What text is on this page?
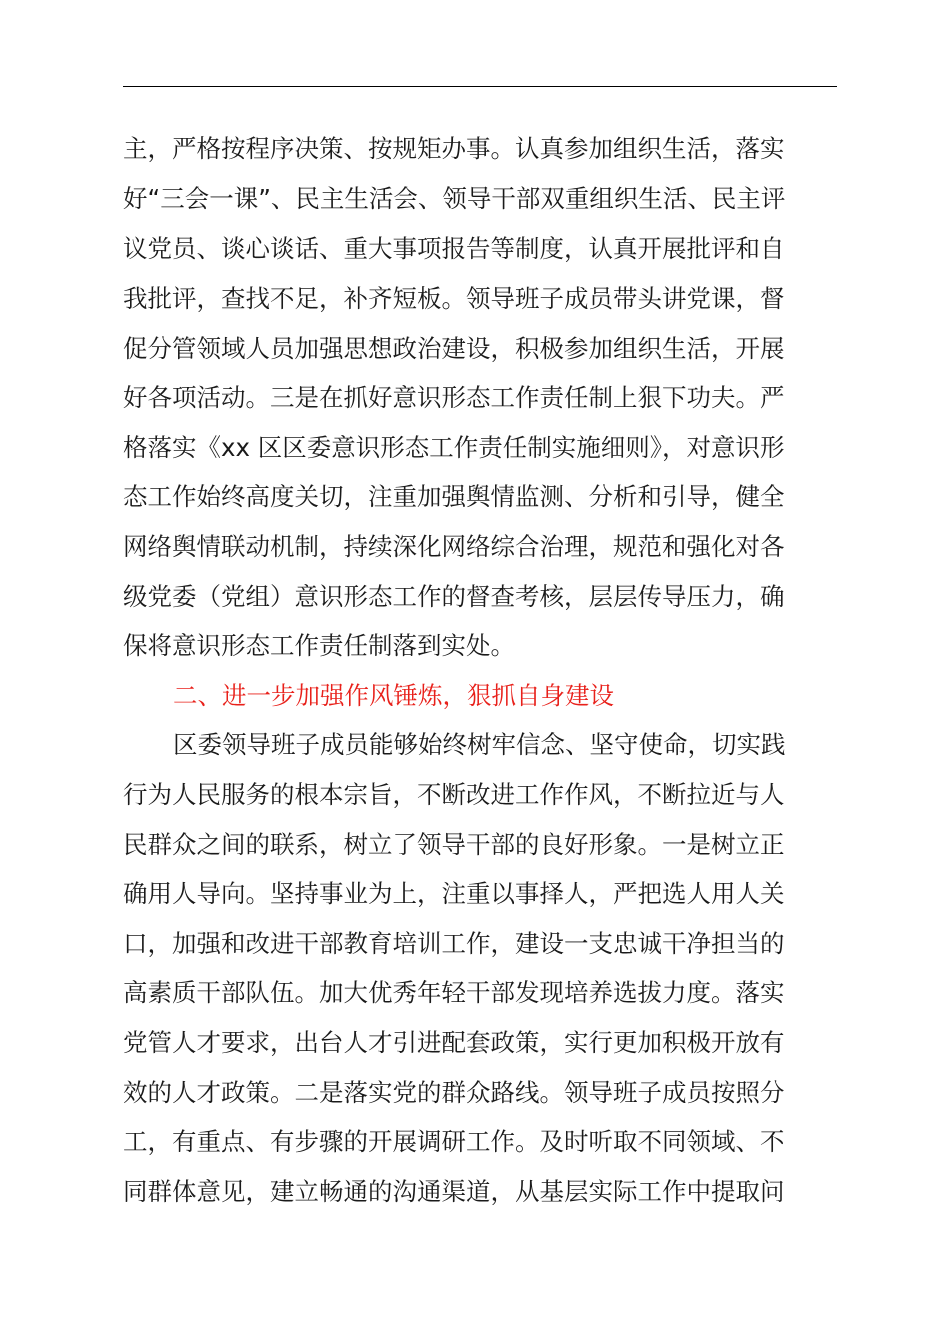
主，严格按程序决策、按规矩办事。认真参加组织生活，落实
好“三会一课”、民主生活会、领导干部双重组织生活、民主评
议党员、谈心谈话、重大事项报告等制度，认真开展批评和自
我批评，查找不足，补齐短板。领导班子成员带头讲党课，督
促分管领域人员加强思想政治建设，积极参加组织生活，开展
好各项活动。三是在抓好意识形态工作责任制上狠下功夫。严
格落实《xx 区区委意识形态工作责任制实施细则》，对意识形
态工作始终高度关切，注重加强舆情监测、分析和引导，健全
网络舆情联动机制，持续深化网络综合治理，规范和强化对各
级党委（党组）意识形态工作的督查考核，层层传导压力，确
保将意识形态工作责任制落到实处。
二、进一步加强作风锤炼，狠抓自身建设
区委领导班子成员能够始终树牢信念、坚守使命，切实践
行为人民服务的根本宗旨，不断改进工作作风，不断拉近与人
民群众之间的联系，树立了领导干部的良好形象。一是树立正
确用人导向。坚持事业为上，注重以事择人，严把选人用人关
口，加强和改进干部教育培训工作，建设一支忠诚干净担当的
高素质干部队伍。加大优秀年轻干部发现培养选拔力度。落实
党管人才要求，出台人才引进配套政策，实行更加积极开放有
效的人才政策。二是落实党的群众路线。领导班子成员按照分
工，有重点、有步骤的开展调研工作。及时听取不同领域、不
同群体意见，建立畅通的沟通渠道，从基层实际工作中提取问
